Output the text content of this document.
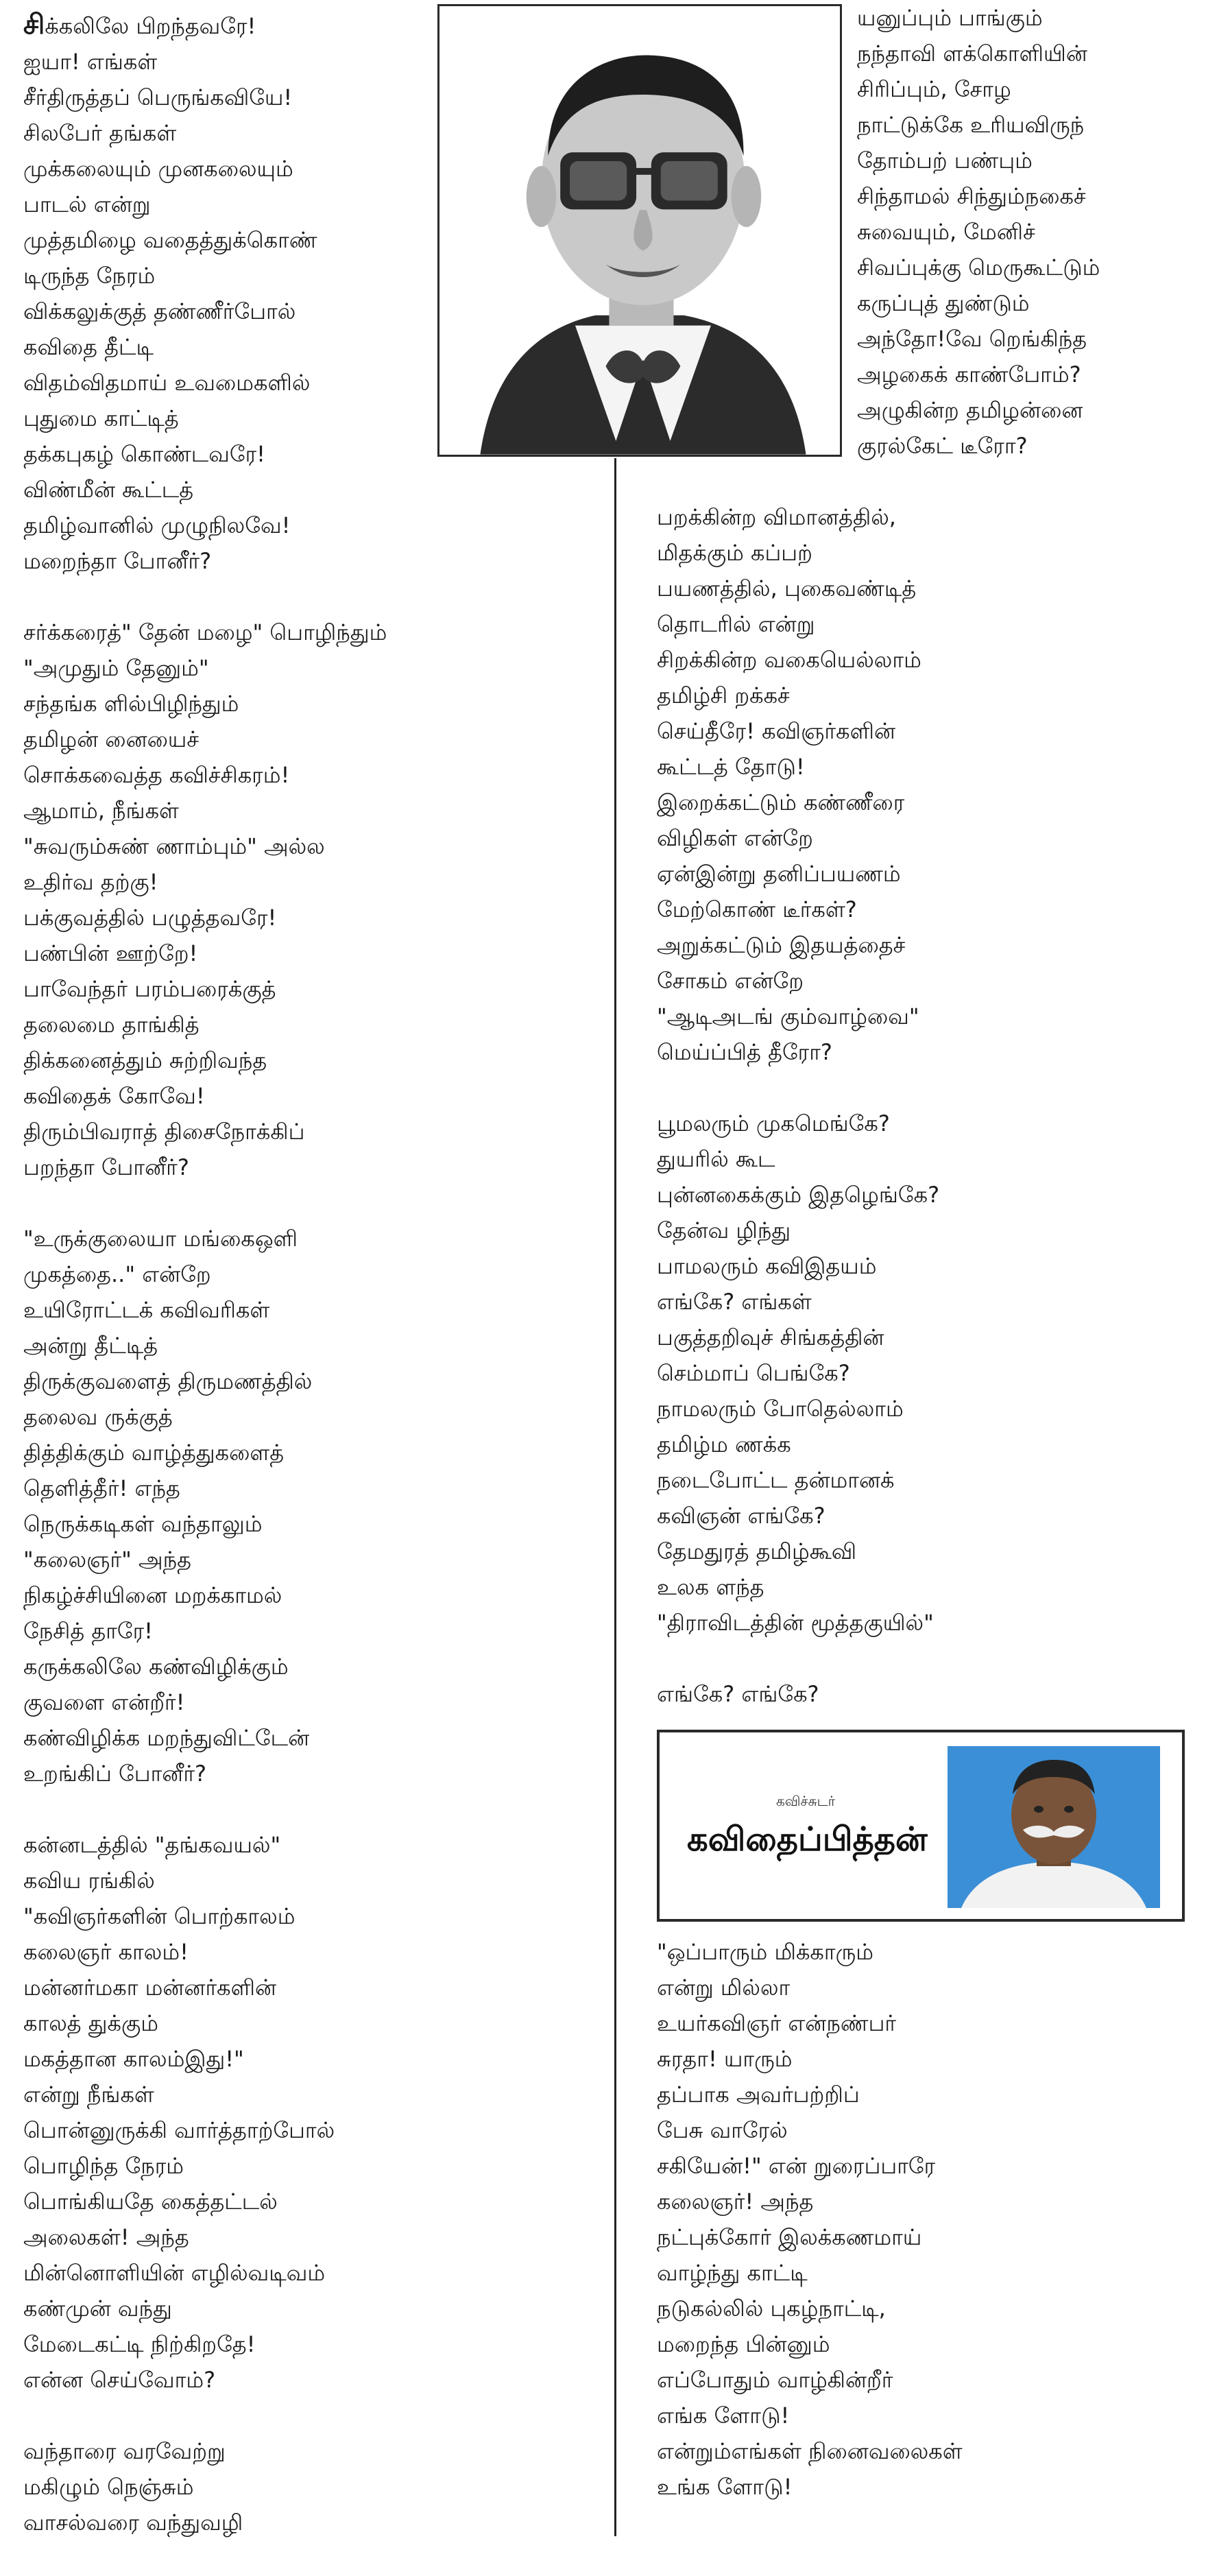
சிக்கலிலே பிறந்தவரே!
ஐயா! எங்கள்
சீர்திருத்தப் பெருங்கவியே!
சிலபேர் தங்கள்
முக்கலையும் முனகலையும்
பாடல் என்று
முத்தமிழை வதைத்துக்கொண்
டிருந்த நேரம்
விக்கலுக்குத் தண்ணீர்போல்
கவிதை தீட்டி
விதம்விதமாய் உவமைகளில்
புதுமை காட்டித்
தக்கபுகழ் கொண்டவரே!
விண்மீன் கூட்டத்
தமிழ்வானில் முழுநிலவே!
மறைந்தா போனீர்?
சர்க்கரைத்" தேன் மழை" பொழிந்தும்
"அமுதும் தேனும்"
சந்தங்க ளில்பிழிந்தும்
தமிழன் னையைச்
சொக்கவைத்த கவிச்சிகரம்!
ஆமாம், நீங்கள்
"சுவரும்சுண் ணாம்பும்" அல்ல
உதிர்வ தற்கு!
பக்குவத்தில் பழுத்தவரே!
பண்பின் ஊற்றே!
பாவேந்தர் பரம்பரைக்குத்
தலைமை தாங்கித்
திக்கனைத்தும் சுற்றிவந்த
கவிதைக் கோவே!
திரும்பிவராத் திசைநோக்கிப்
பறந்தா போனீர்?
"உருக்குலையா மங்கைஒளி
முகத்தை.." என்றே
உயிரோட்டக் கவிவரிகள்
அன்று தீட்டித்
திருக்குவளைத் திருமணத்தில்
தலைவ ருக்குத்
தித்திக்கும் வாழ்த்துகளைத்
தெளித்தீர்! எந்த
நெருக்கடிகள் வந்தாலும்
"கலைஞர்" அந்த
நிகழ்ச்சியினை மறக்காமல்
நேசித் தாரே!
கருக்கலிலே கண்விழிக்கும்
குவளை என்றீர்!
கண்விழிக்க மறந்துவிட்டேன்
உறங்கிப் போனீர்?
கன்னடத்தில் "தங்கவயல்"
கவிய ரங்கில்
"கவிஞர்களின் பொற்காலம்
கலைஞர் காலம்!
மன்னர்மகா மன்னர்களின்
காலத் துக்கும்
மகத்தான காலம்இது!"
என்று நீங்கள்
பொன்னுருக்கி வார்த்தாற்போல்
பொழிந்த நேரம்
பொங்கியதே கைத்தட்டல்
அலைகள்! அந்த
மின்னொளியின் எழில்வடிவம்
கண்முன் வந்து
மேடைகட்டி நிற்கிறதே!
என்ன செய்வோம்?
வந்தாரை வரவேற்று
மகிழும் நெஞ்சும்
வாசல்வரை வந்துவழி
யனுப்பும் பாங்கும்
நந்தாவி ளக்கொளியின்
சிரிப்பும், சோழ
நாட்டுக்கே உரியவிருந்
தோம்பற் பண்பும்
சிந்தாமல் சிந்தும்நகைச்
சுவையும், மேனிச்
சிவப்புக்கு மெருகூட்டும்
கருப்புத் துண்டும்
அந்தோ!வே றெங்கிந்த
அழகைக் காண்போம்?
அழுகின்ற தமிழன்னை
குரல்கேட் டீரோ?
பறக்கின்ற விமானத்தில்,
மிதக்கும் கப்பற்
பயணத்தில், புகைவண்டித்
தொடரில் என்று
சிறக்கின்ற வகையெல்லாம்
தமிழ்சி றக்கச்
செய்தீரே! கவிஞர்களின்
கூட்டத் தோடு!
இறைக்கட்டும் கண்ணீரை
விழிகள் என்றே
ஏன்இன்று தனிப்பயணம்
மேற்கொண் டீர்கள்?
அறுக்கட்டும் இதயத்தைச்
சோகம் என்றே
"ஆடிஅடங் கும்வாழ்வை"
மெய்ப்பித் தீரோ?
பூமலரும் முகமெங்கே?
துயரில் கூட
புன்னகைக்கும் இதழெங்கே?
தேன்வ ழிந்து
பாமலரும் கவிஇதயம்
எங்கே? எங்கள்
பகுத்தறிவுச் சிங்கத்தின்
செம்மாப் பெங்கே?
நாமலரும் போதெல்லாம்
தமிழ்ம ணக்க
நடைபோட்ட தன்மானக்
கவிஞன் எங்கே?
தேமதுரத் தமிழ்கூவி
உலக ளந்த
"திராவிடத்தின் மூத்தகுயில்"
எங்கே? எங்கே?
கவிச்சுடர்
கவிதைப்பித்தன்
"ஒப்பாரும் மிக்காரும்
என்று மில்லா
உயர்கவிஞர் என்நண்பர்
சுரதா! யாரும்
தப்பாக அவர்பற்றிப்
பேசு வாரேல்
சகியேன்!" என் றுரைப்பாரே
கலைஞர்! அந்த
நட்புக்கோர் இலக்கணமாய்
வாழ்ந்து காட்டி
நடுகல்லில் புகழ்நாட்டி,
மறைந்த பின்னும்
எப்போதும் வாழ்கின்றீர்
எங்க ளோடு!
என்றும்எங்கள் நினைவலைகள்
உங்க ளோடு!
